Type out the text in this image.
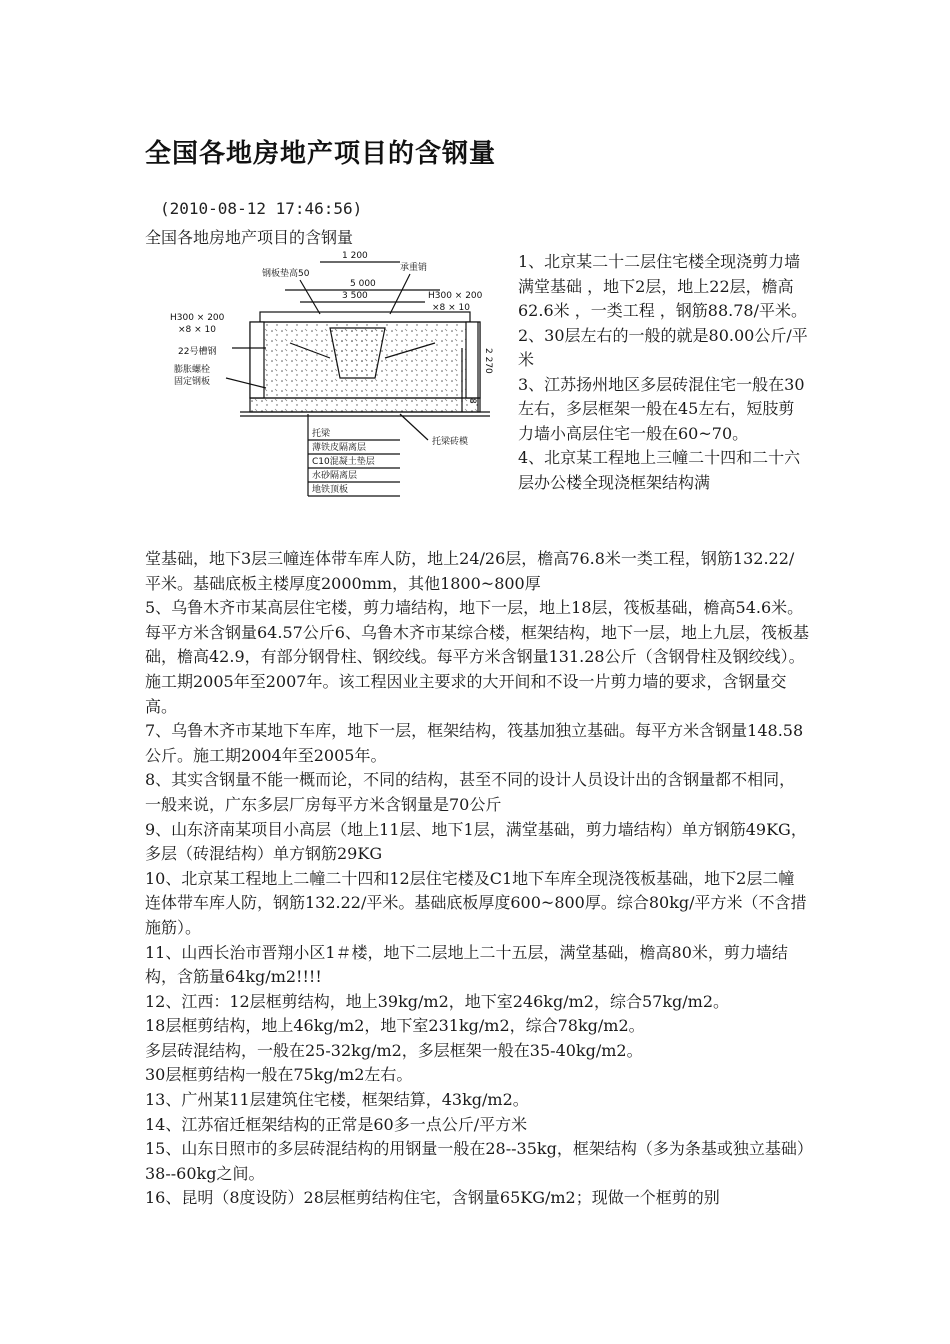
全国各地房地产项目的含钢量
(2010-08-12 17:46:56)
全国各地房地产项目的含钢量
1 200
钢板垫高50
承重销
5 000
3 500
H300 × 200
×8 × 10
H300 × 200
×8 × 10
22号槽钢
膨胀螺栓
固定钢板
托梁
薄铁皮隔离层
C10混凝土垫层
水砂隔离层
地铁顶板
托梁砖模
2 270

1、北京某二十二层住宅楼全现浇剪力墙满堂基础 ，地下2层，地上22层，檐高62.6米 ，一类工程 ，钢筋88.78/平米。

2、30层左右的一般的就是80.00公斤/平米

3、江苏扬州地区多层砖混住宅一般在30左右，多层框架一般在45左右，短肢剪力墙小高层住宅一般在60~70。

4、北京某工程地上三幢二十四和二十六层办公楼全现浇框架结构满

堂基础，地下3层三幢连体带车库人防，地上24/26层，檐高76.8米一类工程，钢筋132.22/平米。基础底板主楼厚度2000mm，其他1800~800厚

5、乌鲁木齐市某高层住宅楼，剪力墙结构，地下一层，地上18层，筏板基础，檐高54.6米。每平方米含钢量64.57公斤6、乌鲁木齐市某综合楼，框架结构，地下一层，地上九层，筏板基础，檐高42.9，有部分钢骨柱、钢绞线。每平方米含钢量131.28公斤（含钢骨柱及钢绞线）。施工期2005年至2007年。该工程因业主要求的大开间和不设一片剪力墙的要求，含钢量交高。

7、乌鲁木齐市某地下车库，地下一层，框架结构，筏基加独立基础。每平方米含钢量148.58公斤。施工期2004年至2005年。

8、其实含钢量不能一概而论，不同的结构，甚至不同的设计人员设计出的含钢量都不相同，一般来说，广东多层厂房每平方米含钢量是70公斤

9、山东济南某项目小高层（地上11层、地下1层，满堂基础，剪力墙结构）单方钢筋49KG，多层（砖混结构）单方钢筋29KG

10、北京某工程地上二幢二十四和12层住宅楼及C1地下车库全现浇筏板基础，地下2层二幢连体带车库人防，钢筋132.22/平米。基础底板厚度600~800厚。综合80kg/平方米（不含措施筋）。

11、山西长治市晋翔小区1＃楼，地下二层地上二十五层，满堂基础，檐高80米，剪力墙结构，含筋量64kg/m2!!!!

12、江西：12层框剪结构，地上39kg/m2，地下室246kg/m2，综合57kg/m2。

18层框剪结构，地上46kg/m2，地下室231kg/m2，综合78kg/m2。

多层砖混结构，一般在25-32kg/m2，多层框架一般在35-40kg/m2。

30层框剪结构一般在75kg/m2左右。

13、广州某11层建筑住宅楼，框架结算，43kg/m2。

14、江苏宿迁框架结构的正常是60多一点公斤/平方米

15、山东日照市的多层砖混结构的用钢量一般在28--35kg，框架结构（多为条基或独立基础）38--60kg之间。

16、昆明（8度设防）28层框剪结构住宅，含钢量65KG/m2；现做一个框剪的别
